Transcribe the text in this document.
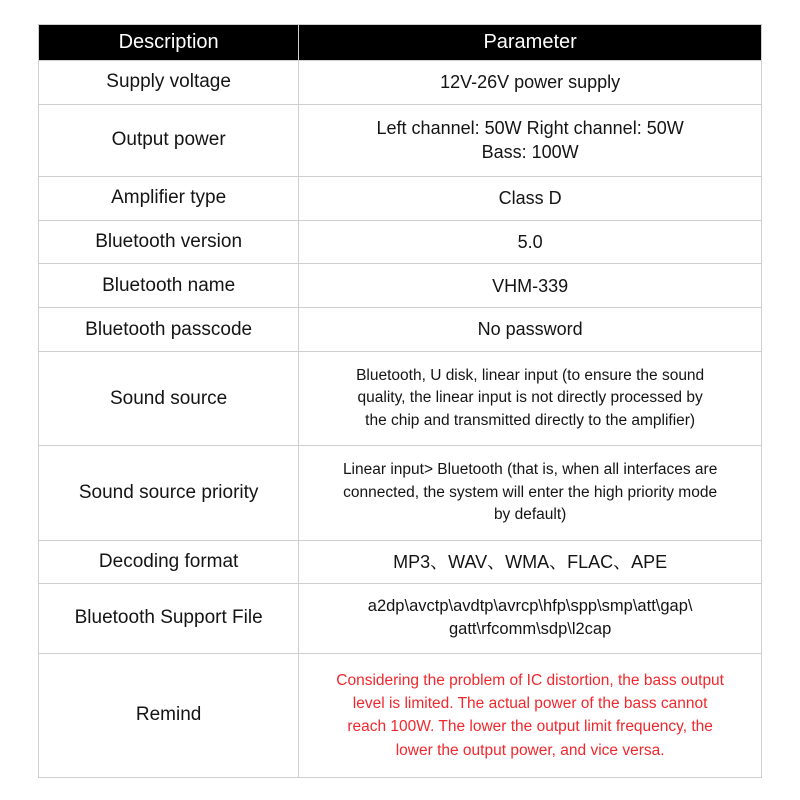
Description	Parameter
Supply voltage	12V-26V power supply

Output power	Left channel: 50W Right channel: 50W
Bass: 100W

Amplifier type	Class D

Bluetooth version	5.0

Bluetooth name	VHM-339

Bluetooth passcode	No password

Sound source	Bluetooth, U disk, linear input (to ensure the sound
quality, the linear input is not directly processed by
the chip and transmitted directly to the amplifier)

Sound source priority	Linear input> Bluetooth (that is, when all interfaces are
connected, the system will enter the high priority mode
by default)

Decoding format	MP3、WAV、WMA、FLAC、APE

Bluetooth Support File	a2dp\avctp\avdtp\avrcp\hfp\spp\smp\att\gap\
gatt\rfcomm\sdp\l2cap

Remind	Considering the problem of IC distortion, the bass output
level is limited. The actual power of the bass cannot
reach 100W. The lower the output limit frequency, the
lower the output power, and vice versa.
